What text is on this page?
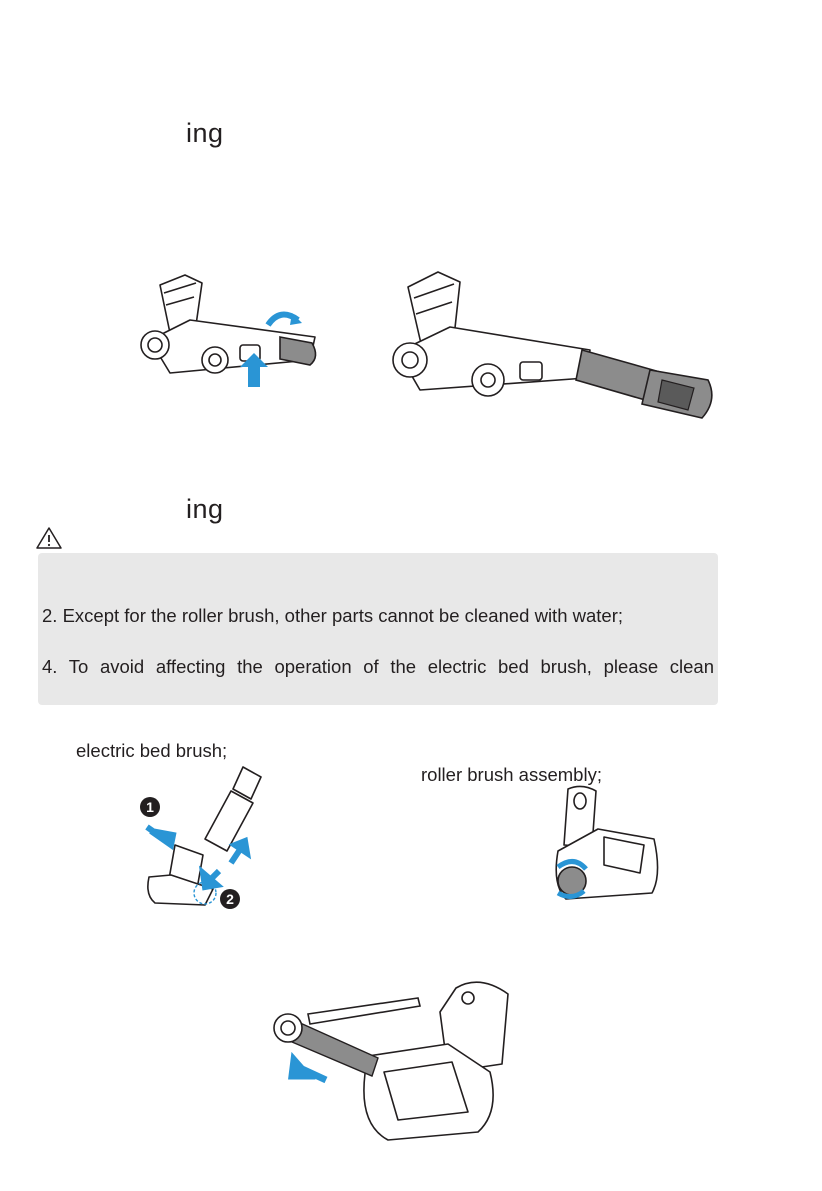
ing
ing
2. Except for the roller brush, other parts cannot be cleaned with water;
4. To avoid affecting the operation of the electric bed brush, please clean
electric bed brush;
roller brush assembly;
1
2
